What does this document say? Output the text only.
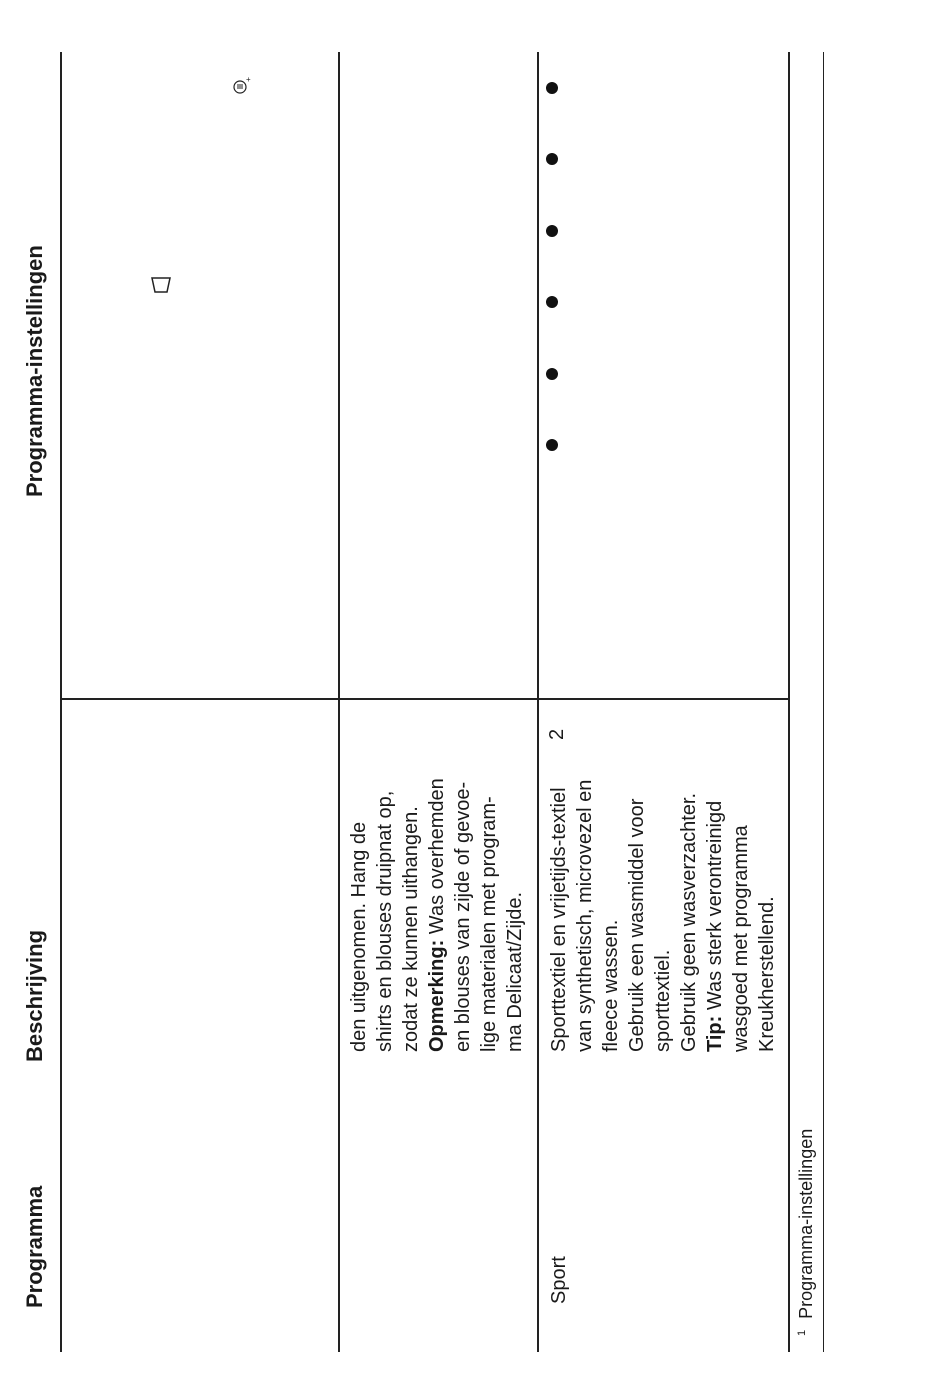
Programma
Beschrijving
Programma-instellingen

den uitgenomen. Hang de shirts en blouses druipnat op, zodat ze kunnen uithangen. Opmerking: Was overhemden en blouses van zijde of gevoe- lige materialen met program- ma Delicaat/Zijde.

+
Sport

Sporttextiel en vrijetijds-textiel van synthetisch, microvezel en fleece wassen. Gebruik een wasmiddel voor sporttextiel. Gebruik geen wasverzachter. Tip: Was sterk verontreinigd wasgoed met programma Kreukherstellend.

2
$^1$ Programma-instellingen
